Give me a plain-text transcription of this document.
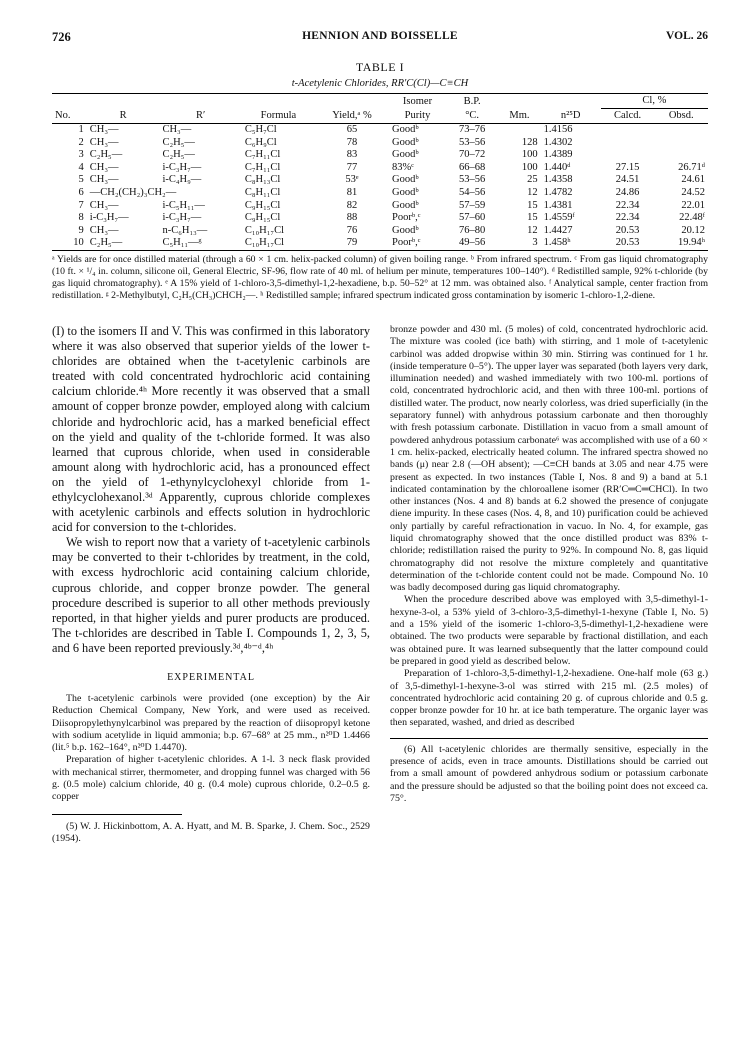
726	HENNION AND BOISSELLE	VOL. 26
TABLE I
t-Acetylenic Chlorides, RR′C(Cl)—C≡CH
					Isomer	B.P.			Cl, %	
No.	R	R′	Formula	Yield,ᵃ %	Purity	°C.	Mm.	n²⁵D	Calcd.	Obsd.
1	CH₃—	CH₃—	C₅H₇Cl	65	Goodᵇ	73–76		1.4156		
2	CH₃—	C₂H₅—	C₆H₉Cl	78	Goodᵇ	53–56	128	1.4302		
3	C₂H₅—	C₂H₅—	C₇H₁₁Cl	83	Goodᵇ	70–72	100	1.4389		
4	CH₃—	i-C₃H₇—	C₇H₁₁Cl	77	83%ᶜ	66–68	100	1.440ᵈ	27.15	26.71ᵈ
5	CH₃—	i-C₄H₉—	C₈H₁₃Cl	53ᵉ	Goodᵇ	53–56	25	1.4358	24.51	24.61
6	—CH₂(CH₂)₃CH₂—		C₈H₁₁Cl	81	Goodᵇ	54–56	12	1.4782	24.86	24.52
7	CH₃—	i-C₅H₁₁—	C₉H₁₅Cl	82	Goodᵇ	57–59	15	1.4381	22.34	22.01
8	i-C₃H₇—	i-C₃H₇—	C₉H₁₅Cl	88	Poorᵇ,ᶜ	57–60	15	1.4559ᶠ	22.34	22.48ᶠ
9	CH₃—	n-C₆H₁₃—	C₁₀H₁₇Cl	76	Goodᵇ	76–80	12	1.4427	20.53	20.12
10	C₂H₅—	C₅H₁₁—ᵍ	C₁₀H₁₇Cl	79	Poorᵇ,ᶜ	49–56	3	1.458ʰ	20.53	19.94ʰ

ᵃ Yields are for once distilled material (through a 60 × 1 cm. helix-packed column) of given boiling range. ᵇ From infrared spectrum. ᶜ From gas liquid chromatography (10 ft. × ¹/₄ in. column, silicone oil, General Electric, SF-96, flow rate of 40 ml. of helium per minute, temperatures 100–140°). ᵈ Redistilled sample, 92% t-chloride (by gas liquid chromatography). ᵉ A 15% yield of 1-chloro-3,5-dimethyl-1,2-hexadiene, b.p. 50–52° at 12 mm. was obtained also. ᶠ Analytical sample, center fraction from redistillation. ᵍ 2-Methylbutyl, C₂H₅(CH₃)CHCH₂—. ʰ Redistilled sample; infrared spectrum indicated gross contamination by isomeric 1-chloro-1,2-diene.

(I) to the isomers II and V. This was confirmed in this laboratory where it was also observed that superior yields of the lower t-chlorides are obtained when the t-acetylenic carbinols are treated with cold concentrated hydrochloric acid containing calcium chloride.⁴ʰ More recently it was observed that a small amount of copper bronze powder, employed along with calcium chloride and hydrochloric acid, has a marked beneficial effect on the yield and quality of the t-chloride formed. It was also learned that cuprous chloride, when used in considerable amount along with hydrochloric acid, has a pronounced effect on the yield of 1-ethynylcyclohexyl chloride from 1-ethylcyclohexanol.³ᵈ Apparently, cuprous chloride complexes with acetylenic carbinols and effects solution in hydrochloric acid for conversion to the t-chlorides.

We wish to report now that a variety of t-acetylenic carbinols may be converted to their t-chlorides by treatment, in the cold, with excess hydrochloric acid containing calcium chloride, cuprous chloride, and copper bronze powder. The general procedure described is superior to all other methods previously reported, in that higher yields and purer products are produced. The t-chlorides are described in Table I. Compounds 1, 2, 3, 5, and 6 have been reported previously.³ᵈ,⁴ᵇ⁻ᵈ,⁴ʰ

EXPERIMENTAL

The t-acetylenic carbinols were provided (one exception) by the Air Reduction Chemical Company, New York, and were used as received. Diisopropylethynylcarbinol was prepared by the reaction of diisopropyl ketone with sodium acetylide in liquid ammonia; b.p. 67–68° at 25 mm., n²⁰D 1.4466 (lit.⁵ b.p. 162–164°, n²⁰D 1.4470).

Preparation of higher t-acetylenic chlorides. A 1-l. 3 neck flask provided with mechanical stirrer, thermometer, and dropping funnel was charged with 56 g. (0.5 mole) calcium chloride, 40 g. (0.4 mole) cuprous chloride, 0.2–0.5 g. copper

(5) W. J. Hickinbottom, A. A. Hyatt, and M. B. Sparke, J. Chem. Soc., 2529 (1954).

bronze powder and 430 ml. (5 moles) of cold, concentrated hydrochloric acid. The mixture was cooled (ice bath) with stirring, and 1 mole of t-acetylenic carbinol was added dropwise within 30 min. Stirring was continued for 1 hr. (inside temperature 0–5°). The upper layer was separated (both layers very dark, illumination needed) and washed immediately with two 100-ml. portions of cold, concentrated hydrochloric acid, and then with three 100-ml. portions of distilled water. The product, now nearly colorless, was dried superficially (in the separatory funnel) with anhydrous potassium carbonate and then thoroughly with fresh potassium carbonate. Distillation in vacuo from a small amount of powdered anhydrous potassium carbonate⁶ was accomplished with use of a 60 × 1 cm. helix-packed, electrically heated column. The infrared spectra showed no bands (μ) near 2.8 (—OH absent); —C≡CH bands at 3.05 and near 4.75 were present as expected. In two instances (Table I, Nos. 8 and 9) a band at 5.1 indicated contamination by the chloroallene isomer (RR′C═C═CHCl). In two other instances (Nos. 4 and 8) bands at 6.2 showed the presence of conjugate diene impurity. In these cases (Nos. 4, 8, and 10) purification could be achieved only partially by careful refractionation in vacuo. In No. 4, for example, gas liquid chromatography showed that the once distilled product was 83% t-chloride; redistillation raised the purity to 92%. In compound No. 8, gas liquid chromatography did not resolve the mixture completely and quantitative determination of the t-chloride content could not be made. Compound No. 10 was badly decomposed during gas liquid chromatography.

When the procedure described above was employed with 3,5-dimethyl-1-hexyne-3-ol, a 53% yield of 3-chloro-3,5-dimethyl-1-hexyne (Table I, No. 5) and a 15% yield of the isomeric 1-chloro-3,5-dimethyl-1,2-hexadiene were obtained. The two products were separable by fractional distillation, and each was obtained pure. It was learned subsequently that the latter compound could be prepared in good yield as described below.

Preparation of 1-chloro-3,5-dimethyl-1,2-hexadiene. One-half mole (63 g.) of 3,5-dimethyl-1-hexyne-3-ol was stirred with 215 ml. (2.5 moles) of concentrated hydrochloric acid containing 20 g. of cuprous chloride and 0.5 g. copper bronze powder for 10 hr. at ice bath temperature. The organic layer was then separated, washed, and dried as described

(6) All t-acetylenic chlorides are thermally sensitive, especially in the presence of acids, even in trace amounts. Distillations should be carried out from a small amount of powdered anhydrous sodium or potassium carbonate and the pressure should be adjusted so that the boiling point does not exceed ca. 75°.
